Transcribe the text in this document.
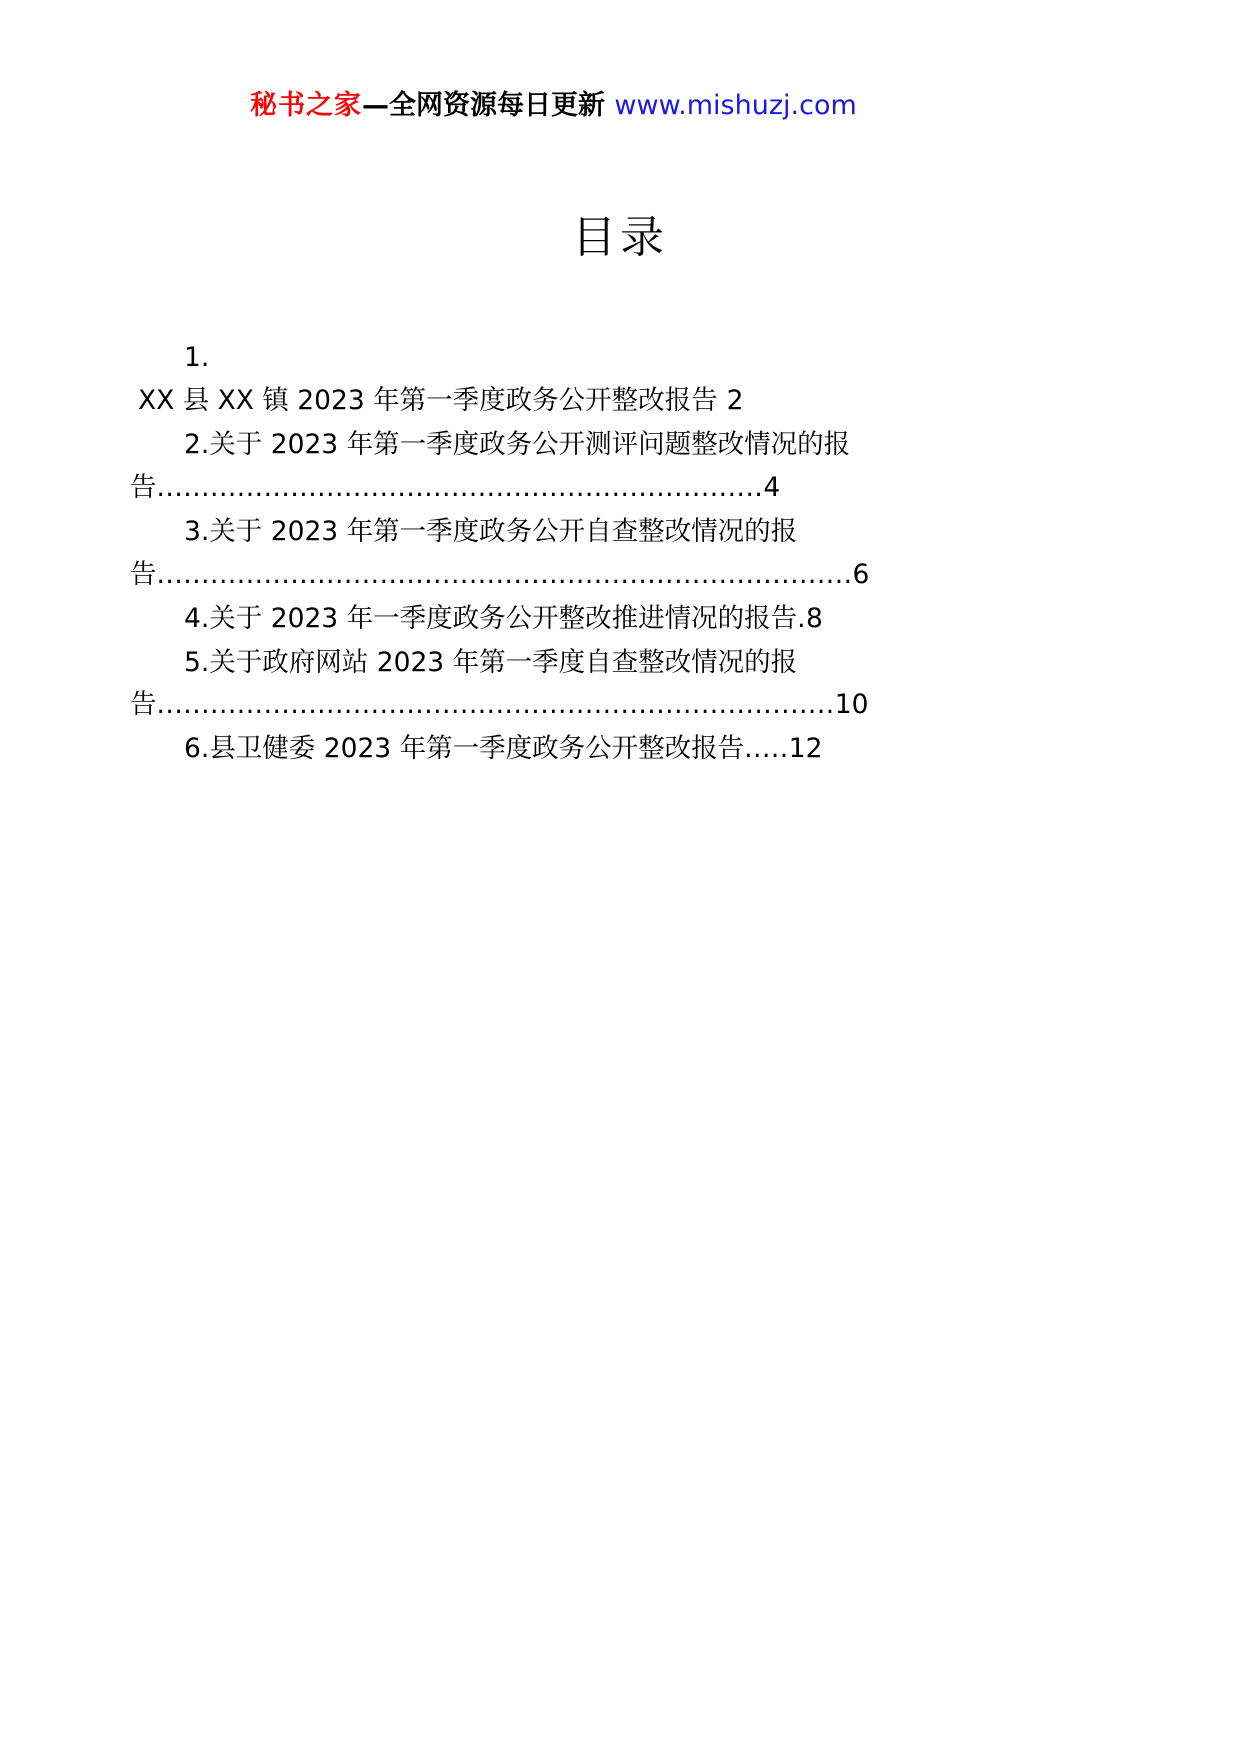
秘书之家—全网资源每日更新 www.mishuzj.com
目录

1.
XX 县 XX 镇 2023 年第一季度政务公开整改报告 2

2.关于 2023 年第一季度政务公开测评问题整改情况的报告....................................................................4

3.关于 2023 年第一季度政务公开自查整改情况的报告..............................................................................6

4.关于 2023 年一季度政务公开整改推进情况的报告.8

5.关于政府网站 2023 年第一季度自查整改情况的报告............................................................................10

6.县卫健委 2023 年第一季度政务公开整改报告.....12
